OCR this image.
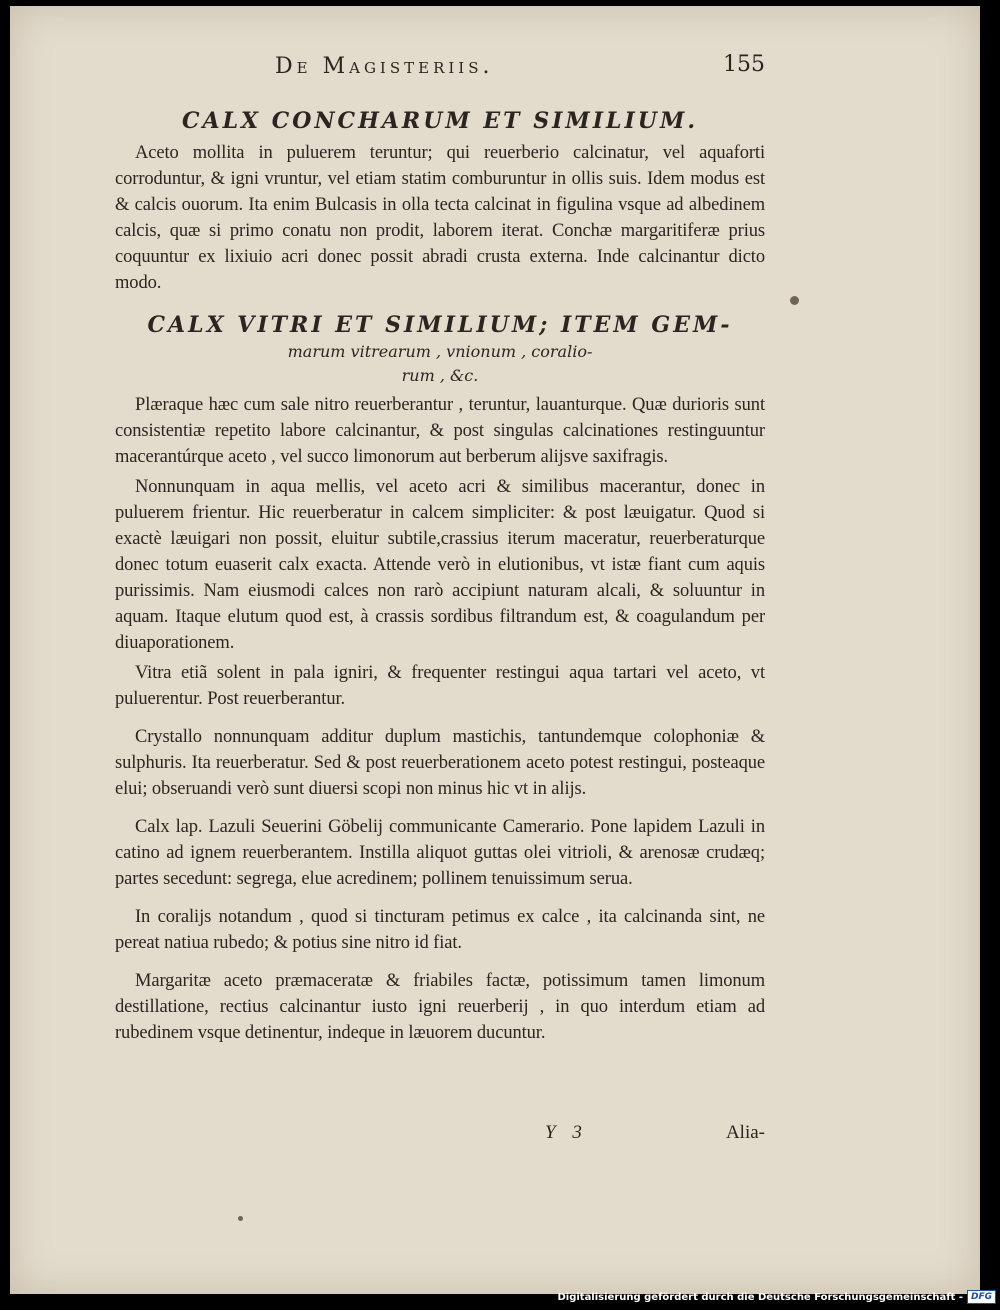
De Magisteriis.	155
CALX CONCHARUM ET SIMILIUM.

Aceto mollita in puluerem teruntur; qui reuerberio calcinatur, vel aquaforti corroduntur, & igni vruntur, vel etiam statim comburuntur in ollis suis. Idem modus est & calcis ouorum. Ita enim Bulcasis in olla tecta calcinat in figulina vsque ad albedinem calcis, quæ si primo conatu non prodit, laborem iterat. Conchæ margaritiferæ prius coquuntur ex lixiuio acri donec possit abradi crusta externa. Inde calcinantur dicto modo.

CALX VITRI ET SIMILIUM; ITEM GEM-

marum vitrearum , vnionum , coralio-
rum , &c.

Plæraque hæc cum sale nitro reuerberantur , teruntur, lauanturque. Quæ durioris sunt consistentiæ repetito labore calcinantur, & post singulas calcinationes restinguuntur macerantúrque aceto , vel succo limonorum aut berberum alijsve saxifragis.

Nonnunquam in aqua mellis, vel aceto acri & similibus macerantur, donec in puluerem frientur. Hic reuerberatur in calcem simpliciter: & post læuigatur. Quod si exactè læuigari non possit, eluitur subtile,crassius iterum maceratur, reuerberaturque donec totum euaserit calx exacta. Attende verò in elutionibus, vt istæ fiant cum aquis purissimis. Nam eiusmodi calces non rarò accipiunt naturam alcali, & soluuntur in aquam. Itaque elutum quod est, à crassis sordibus filtrandum est, & coagulandum per diuaporationem.

Vitra etiã solent in pala igniri, & frequenter restingui aqua tartari vel aceto, vt puluerentur. Post reuerberantur.

Crystallo nonnunquam additur duplum mastichis, tantundemque colophoniæ & sulphuris. Ita reuerberatur. Sed & post reuerberationem aceto potest restingui, posteaque elui; obseruandi verò sunt diuersi scopi non minus hic vt in alijs.

Calx lap. Lazuli Seuerini Göbelij communicante Camerario. Pone lapidem Lazuli in catino ad ignem reuerberantem. Instilla aliquot guttas olei vitrioli, & arenosæ crudæq; partes secedunt: segrega, elue acredinem; pollinem tenuissimum serua.

In coralijs notandum , quod si tincturam petimus ex calce , ita calcinanda sint, ne pereat natiua rubedo; & potius sine nitro id fiat.

Margaritæ aceto præmaceratæ & friabiles factæ, potissimum tamen limonum destillatione, rectius calcinantur iusto igni reuerberij , in quo interdum etiam ad rubedinem vsque detinentur, indeque in læuorem ducuntur.

Y 3	Alia-
Digitalisierung gefördert durch die Deutsche Forschungsgemeinschaft - DFG
